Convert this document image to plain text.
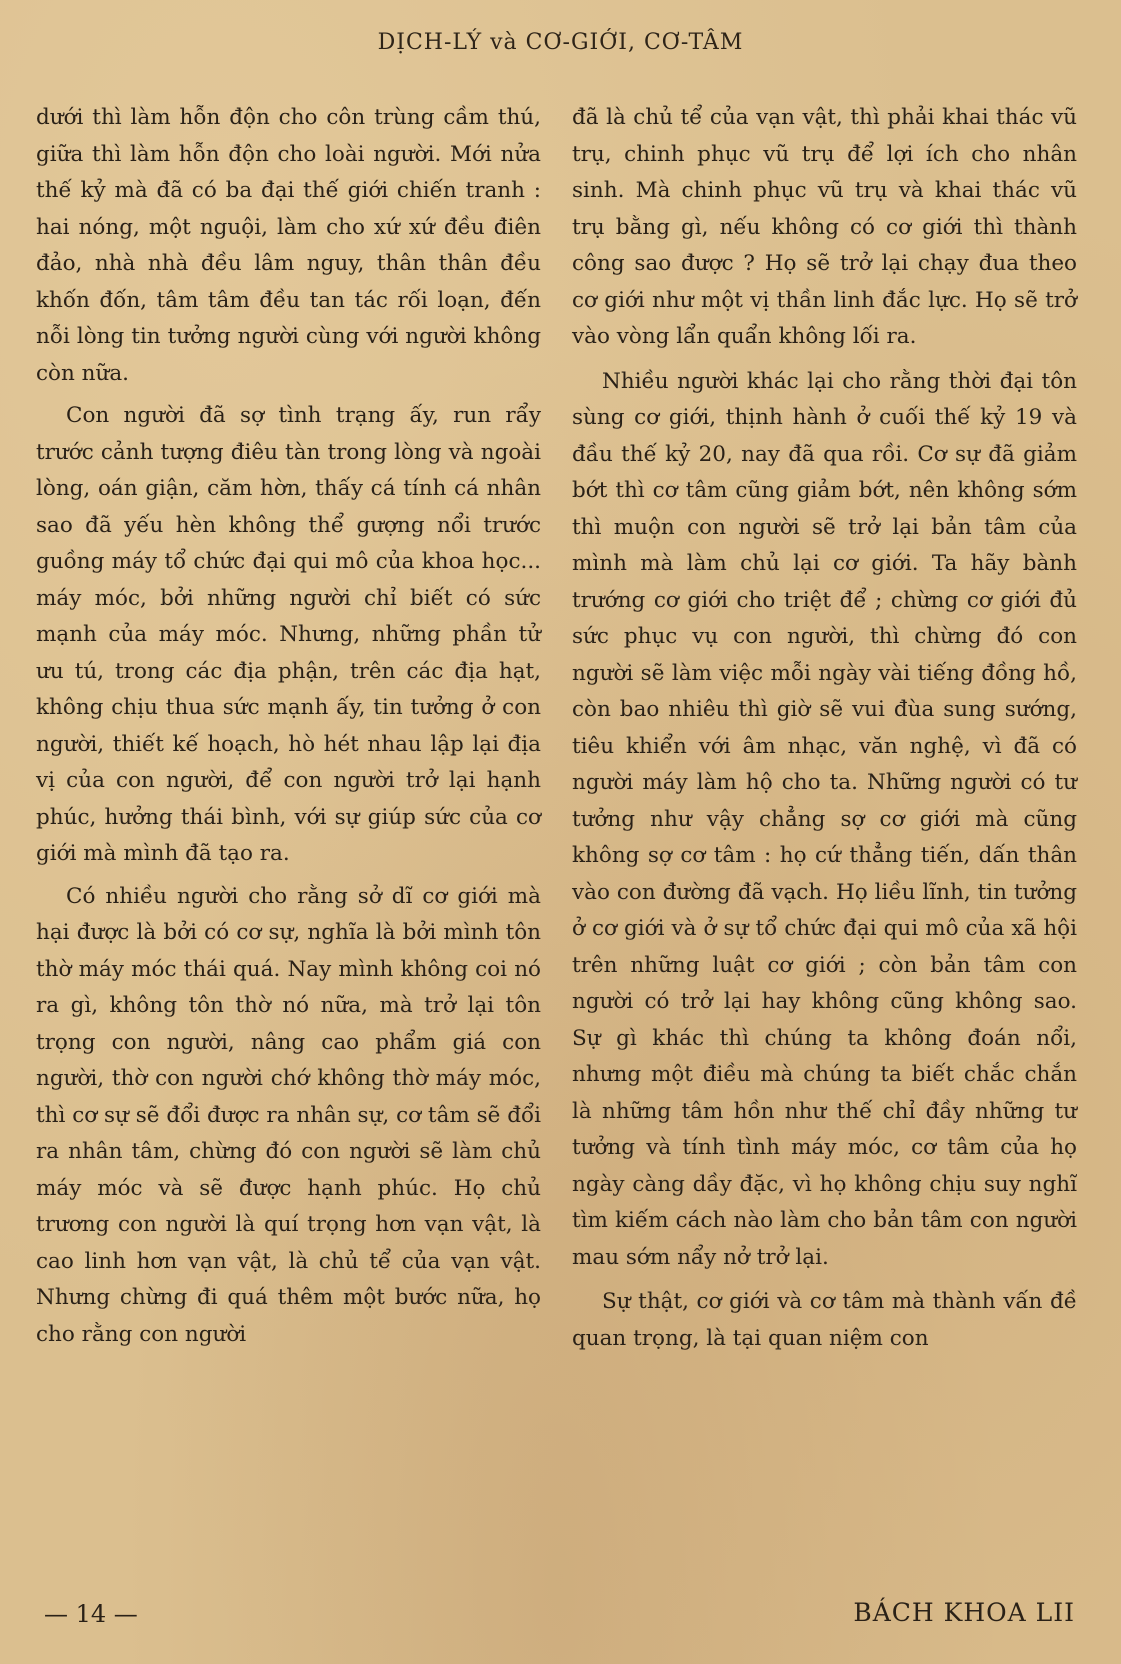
DỊCH-LÝ và CƠ-GIỚI, CƠ-TÂM

dưới thì làm hỗn độn cho côn trùng cầm thú, giữa thì làm hỗn độn cho loài người. Mới nửa thế kỷ mà đã có ba đại thế giới chiến tranh : hai nóng, một nguội, làm cho xứ xứ đều điên đảo, nhà nhà đều lâm nguy, thân thân đều khốn đốn, tâm tâm đều tan tác rối loạn, đến nỗi lòng tin tưởng người cùng với người không còn nữa.

Con người đã sợ tình trạng ấy, run rẩy trước cảnh tượng điêu tàn trong lòng và ngoài lòng, oán giận, căm hờn, thấy cá tính cá nhân sao đã yếu hèn không thể gượng nổi trước guồng máy tổ chức đại qui mô của khoa học... máy móc, bởi những người chỉ biết có sức mạnh của máy móc. Nhưng, những phần tử ưu tú, trong các địa phận, trên các địa hạt, không chịu thua sức mạnh ấy, tin tưởng ở con người, thiết kế hoạch, hò hét nhau lập lại địa vị của con người, để con người trở lại hạnh phúc, hưởng thái bình, với sự giúp sức của cơ giới mà mình đã tạo ra.

Có nhiều người cho rằng sở dĩ cơ giới mà hại được là bởi có cơ sự, nghĩa là bởi mình tôn thờ máy móc thái quá. Nay mình không coi nó ra gì, không tôn thờ nó nữa, mà trở lại tôn trọng con người, nâng cao phẩm giá con người, thờ con người chớ không thờ máy móc, thì cơ sự sẽ đổi được ra nhân sự, cơ tâm sẽ đổi ra nhân tâm, chừng đó con người sẽ làm chủ máy móc và sẽ được hạnh phúc. Họ chủ trương con người là quí trọng hơn vạn vật, là cao linh hơn vạn vật, là chủ tể của vạn vật. Nhưng chừng đi quá thêm một bước nữa, họ cho rằng con người

đã là chủ tể của vạn vật, thì phải khai thác vũ trụ, chinh phục vũ trụ để lợi ích cho nhân sinh. Mà chinh phục vũ trụ và khai thác vũ trụ bằng gì, nếu không có cơ giới thì thành công sao được ? Họ sẽ trở lại chạy đua theo cơ giới như một vị thần linh đắc lực. Họ sẽ trở vào vòng lẩn quẩn không lối ra.

Nhiều người khác lại cho rằng thời đại tôn sùng cơ giới, thịnh hành ở cuối thế kỷ 19 và đầu thế kỷ 20, nay đã qua rồi. Cơ sự đã giảm bớt thì cơ tâm cũng giảm bớt, nên không sớm thì muộn con người sẽ trở lại bản tâm của mình mà làm chủ lại cơ giới. Ta hãy bành trướng cơ giới cho triệt để ; chừng cơ giới đủ sức phục vụ con người, thì chừng đó con người sẽ làm việc mỗi ngày vài tiếng đồng hồ, còn bao nhiêu thì giờ sẽ vui đùa sung sướng, tiêu khiển với âm nhạc, văn nghệ, vì đã có người máy làm hộ cho ta. Những người có tư tưởng như vậy chẳng sợ cơ giới mà cũng không sợ cơ tâm : họ cứ thẳng tiến, dấn thân vào con đường đã vạch. Họ liều lĩnh, tin tưởng ở cơ giới và ở sự tổ chức đại qui mô của xã hội trên những luật cơ giới ; còn bản tâm con người có trở lại hay không cũng không sao. Sự gì khác thì chúng ta không đoán nổi, nhưng một điều mà chúng ta biết chắc chắn là những tâm hồn như thế chỉ đầy những tư tưởng và tính tình máy móc, cơ tâm của họ ngày càng dầy đặc, vì họ không chịu suy nghĩ tìm kiếm cách nào làm cho bản tâm con người mau sớm nẩy nở trở lại.

Sự thật, cơ giới và cơ tâm mà thành vấn đề quan trọng, là tại quan niệm con

— 14 —	BÁCH KHOA LII
